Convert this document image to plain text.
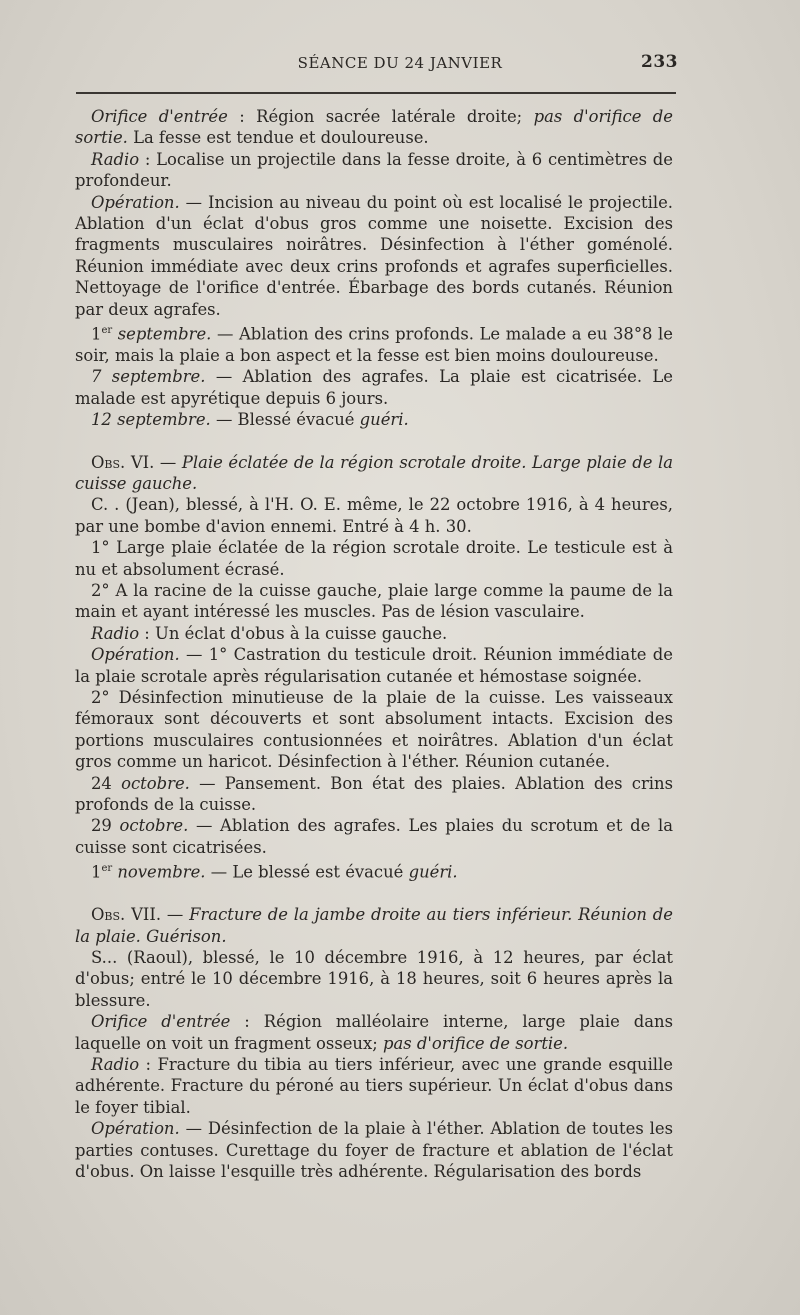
SÉANCE DU 24 JANVIER	233

Orifice d'entrée : Région sacrée latérale droite; pas d'orifice de sortie. La fesse est tendue et douloureuse.

Radio : Localise un projectile dans la fesse droite, à 6 centimètres de profondeur.

Opération. — Incision au niveau du point où est localisé le projectile. Ablation d'un éclat d'obus gros comme une noisette. Excision des fragments musculaires noirâtres. Désinfection à l'éther goménolé. Réunion immédiate avec deux crins profonds et agrafes superficielles. Nettoyage de l'orifice d'entrée. Ébarbage des bords cutanés. Réunion par deux agrafes.

1er septembre. — Ablation des crins profonds. Le malade a eu 38°8 le soir, mais la plaie a bon aspect et la fesse est bien moins douloureuse.

7 septembre. — Ablation des agrafes. La plaie est cicatrisée. Le malade est apyrétique depuis 6 jours.

12 septembre. — Blessé évacué guéri.

Obs. VI. — Plaie éclatée de la région scrotale droite. Large plaie de la cuisse gauche.

C. . (Jean), blessé, à l'H. O. E. même, le 22 octobre 1916, à 4 heures, par une bombe d'avion ennemi. Entré à 4 h. 30.

1° Large plaie éclatée de la région scrotale droite. Le testicule est à nu et absolument écrasé.

2° A la racine de la cuisse gauche, plaie large comme la paume de la main et ayant intéressé les muscles. Pas de lésion vasculaire.

Radio : Un éclat d'obus à la cuisse gauche.

Opération. — 1° Castration du testicule droit. Réunion immédiate de la plaie scrotale après régularisation cutanée et hémostase soignée.

2° Désinfection minutieuse de la plaie de la cuisse. Les vaisseaux fémoraux sont découverts et sont absolument intacts. Excision des portions musculaires contusionnées et noirâtres. Ablation d'un éclat gros comme un haricot. Désinfection à l'éther. Réunion cutanée.

24 octobre. — Pansement. Bon état des plaies. Ablation des crins profonds de la cuisse.

29 octobre. — Ablation des agrafes. Les plaies du scrotum et de la cuisse sont cicatrisées.

1er novembre. — Le blessé est évacué guéri.

Obs. VII. — Fracture de la jambe droite au tiers inférieur. Réunion de la plaie. Guérison.

S... (Raoul), blessé, le 10 décembre 1916, à 12 heures, par éclat d'obus; entré le 10 décembre 1916, à 18 heures, soit 6 heures après la blessure.

Orifice d'entrée : Région malléolaire interne, large plaie dans laquelle on voit un fragment osseux; pas d'orifice de sortie.

Radio : Fracture du tibia au tiers inférieur, avec une grande esquille adhérente. Fracture du péroné au tiers supérieur. Un éclat d'obus dans le foyer tibial.

Opération. — Désinfection de la plaie à l'éther. Ablation de toutes les parties contuses. Curettage du foyer de fracture et ablation de l'éclat d'obus. On laisse l'esquille très adhérente. Régularisation des bords
